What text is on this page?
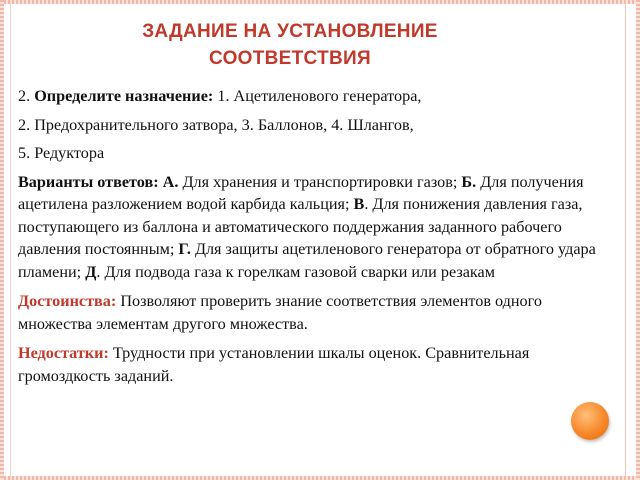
ЗАДАНИЕ НА УСТАНОВЛЕНИЕ
СООТВЕТСТВИЯ

2. Определите назначение: 1. Ацетиленового генератора,

2. Предохранительного затвора, 3. Баллонов, 4. Шлангов,

5. Редуктора

Варианты ответов: А. Для хранения и транспортировки газов; Б. Для получения ацетилена разложением водой карбида кальция; В. Для понижения давления газа, поступающего из баллона и автоматического поддержания заданного рабочего давления постоянным; Г. Для защиты ацетиленового генератора от обратного удара пламени; Д. Для подвода газа к горелкам газовой сварки или резакам

Достоинства: Позволяют проверить знание соответствия элементов одного множества элементам другого множества.

Недостатки: Трудности при установлении шкалы оценок. Сравнительная громоздкость заданий.
